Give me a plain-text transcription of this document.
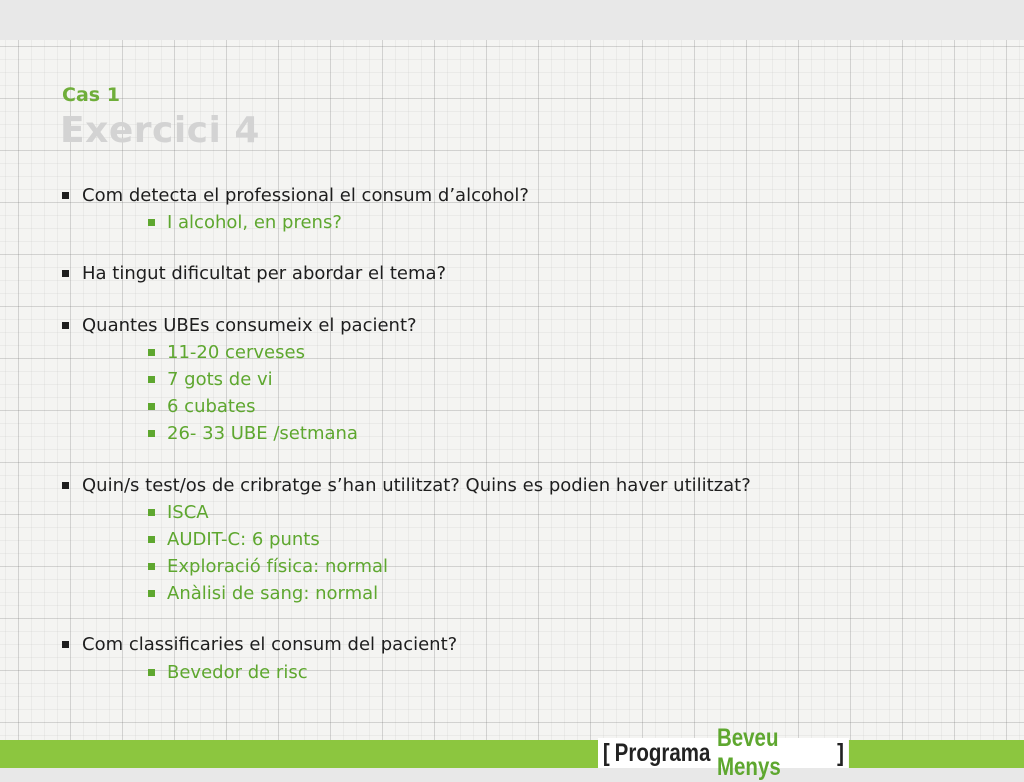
Cas 1
Exercici 4
Com detecta el professional el consum d’alcohol?
I alcohol, en prens?
Ha tingut dificultat per abordar el tema?
Quantes UBEs consumeix el pacient?
11-20 cerveses
7 gots de vi
6 cubates
26- 33 UBE /setmana
Quin/s test/os de cribratge s’han utilitzat? Quins es podien haver utilitzat?
ISCA
AUDIT-C: 6 punts
Exploració física: normal
Anàlisi de sang: normal
Com classificaries el consum del pacient?
Bevedor de risc
[ Programa
Beveu Menys
]
